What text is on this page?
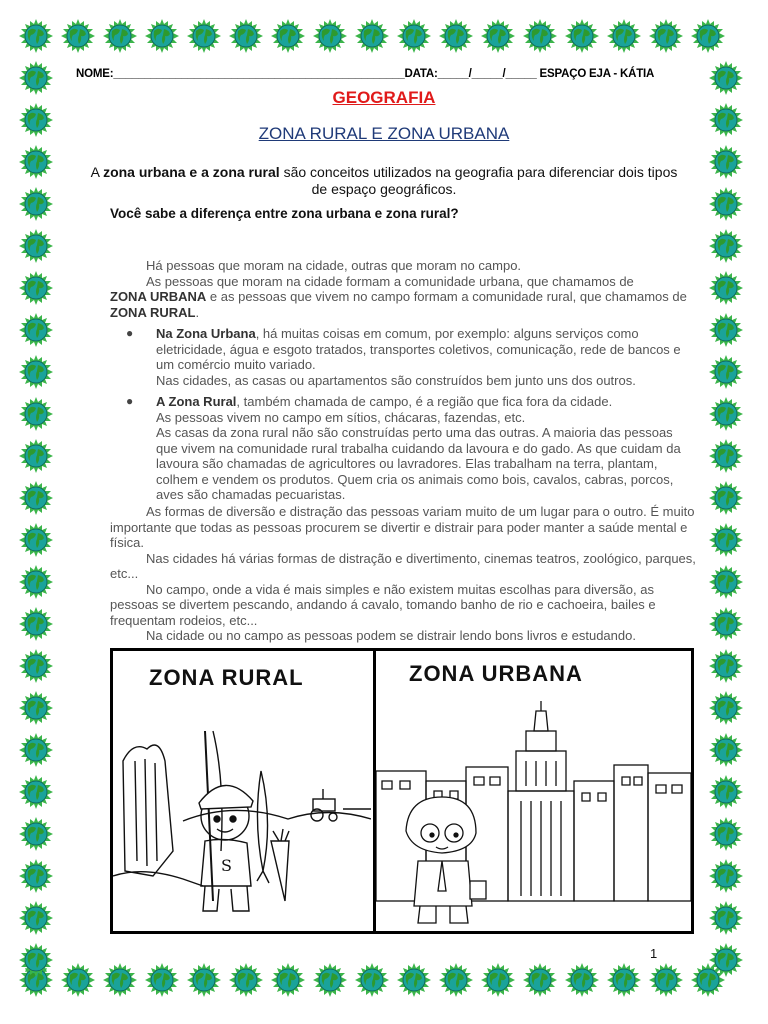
NOME:_______________________________________________DATA:_____/_____/_____ ESPAÇO EJA - KÁTIA
GEOGRAFIA
ZONA RURAL E ZONA URBANA
A zona urbana e a zona rural são conceitos utilizados na geografia para diferenciar dois tipos de espaço geográficos.
Você sabe a diferença entre zona urbana e zona rural?
Há pessoas que moram na cidade, outras que moram no campo.
As pessoas que moram na cidade formam a comunidade urbana, que chamamos de
ZONA URBANA e as pessoas que vivem no campo formam a comunidade rural, que chamamos de ZONA RURAL.
● Na Zona Urbana, há muitas coisas em comum, por exemplo: alguns serviços como eletricidade, água e esgoto tratados, transportes coletivos, comunicação, rede de bancos e um comércio muito variado.
Nas cidades, as casas ou apartamentos são construídos bem junto uns dos outros.
● A Zona Rural, também chamada de campo, é a região que fica fora da cidade.
As pessoas vivem no campo em sítios, chácaras, fazendas, etc.
As casas da zona rural não são construídas perto uma das outras. A maioria das pessoas que vivem na comunidade rural trabalha cuidando da lavoura e do gado. As que cuidam da lavoura são chamadas de agricultores ou lavradores. Elas trabalham na terra, plantam, colhem e vendem os produtos. Quem cria os animais como bois, cavalos, cabras, porcos, aves são chamadas pecuaristas.
As formas de diversão e distração das pessoas variam muito de um lugar para o outro. É muito importante que todas as pessoas procurem se divertir e distrair para poder manter a saúde mental e física.
Nas cidades há várias formas de distração e divertimento, cinemas teatros, zoológico, parques, etc...
No campo, onde a vida é mais simples e não existem muitas escolhas para diversão, as pessoas se divertem pescando, andando á cavalo, tomando banho de rio e cachoeira, bailes e frequentam rodeios, etc...
Na cidade ou no campo as pessoas podem se distrair lendo bons livros e estudando.
ZONA RURAL	ZONA URBANA
S
1
